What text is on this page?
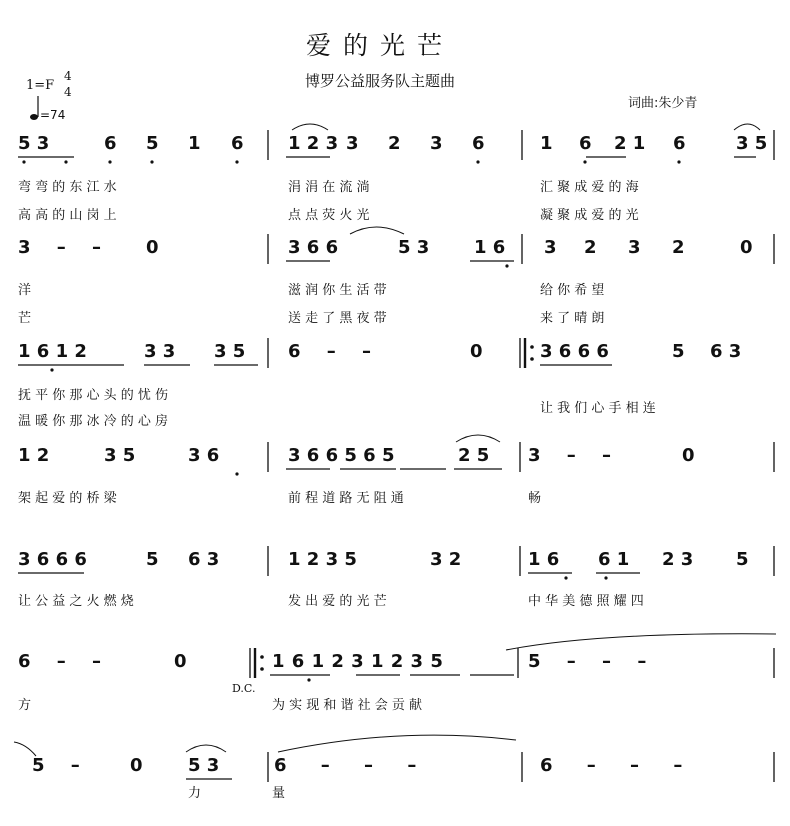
爱的光芒
博罗公益服务队主题曲
词曲:朱少青
1=F
4
4
=74
5 3	6 5 1 6 1 2 3 3 2 3 6	1 6 2 1 6	3 5
弯 弯 的 东 江 水	涓 涓 在 流 淌	汇 聚 成 爱 的 海
高 高 的 山 岗 上	点 点 荧 火 光	凝 聚 成 爱 的 光
3 – – 0	3 6 6	5 3 1 6 3 2 3 2	0
洋	滋 润 你 生 活 带	给 你 希 望
芒	送 走 了 黑 夜 带	来 了 晴 朗
1 6 1 2	3 3 3 5 6 – –	0	3 6 6 6	5 6 3
抚 平 你 那 心 头 的 忧 伤
温 暖 你 那 冰 冷 的 心 房
让 我 们 心 手 相 连
1 2	3 5	3 6	3 6 6 5 6 5	2 5 3 – –	0
架 起 爱 的 桥 梁	前 程 道 路 无 阻 通	畅
3 6 6 6	5 6 3	1 2 3 5	3 2	1 6 6 1 2 3 5
让 公 益 之 火 燃 烧	发 出 爱 的 光 芒	中 华 美 德 照 耀 四
6 – –	0	1 6 1 2 3 1 2 3 5	5 – – –
D.C.
方	为 实 现 和 谐 社 会 贡 献
5 – 0	5 3	6 – – –	6 – – –
力	量
